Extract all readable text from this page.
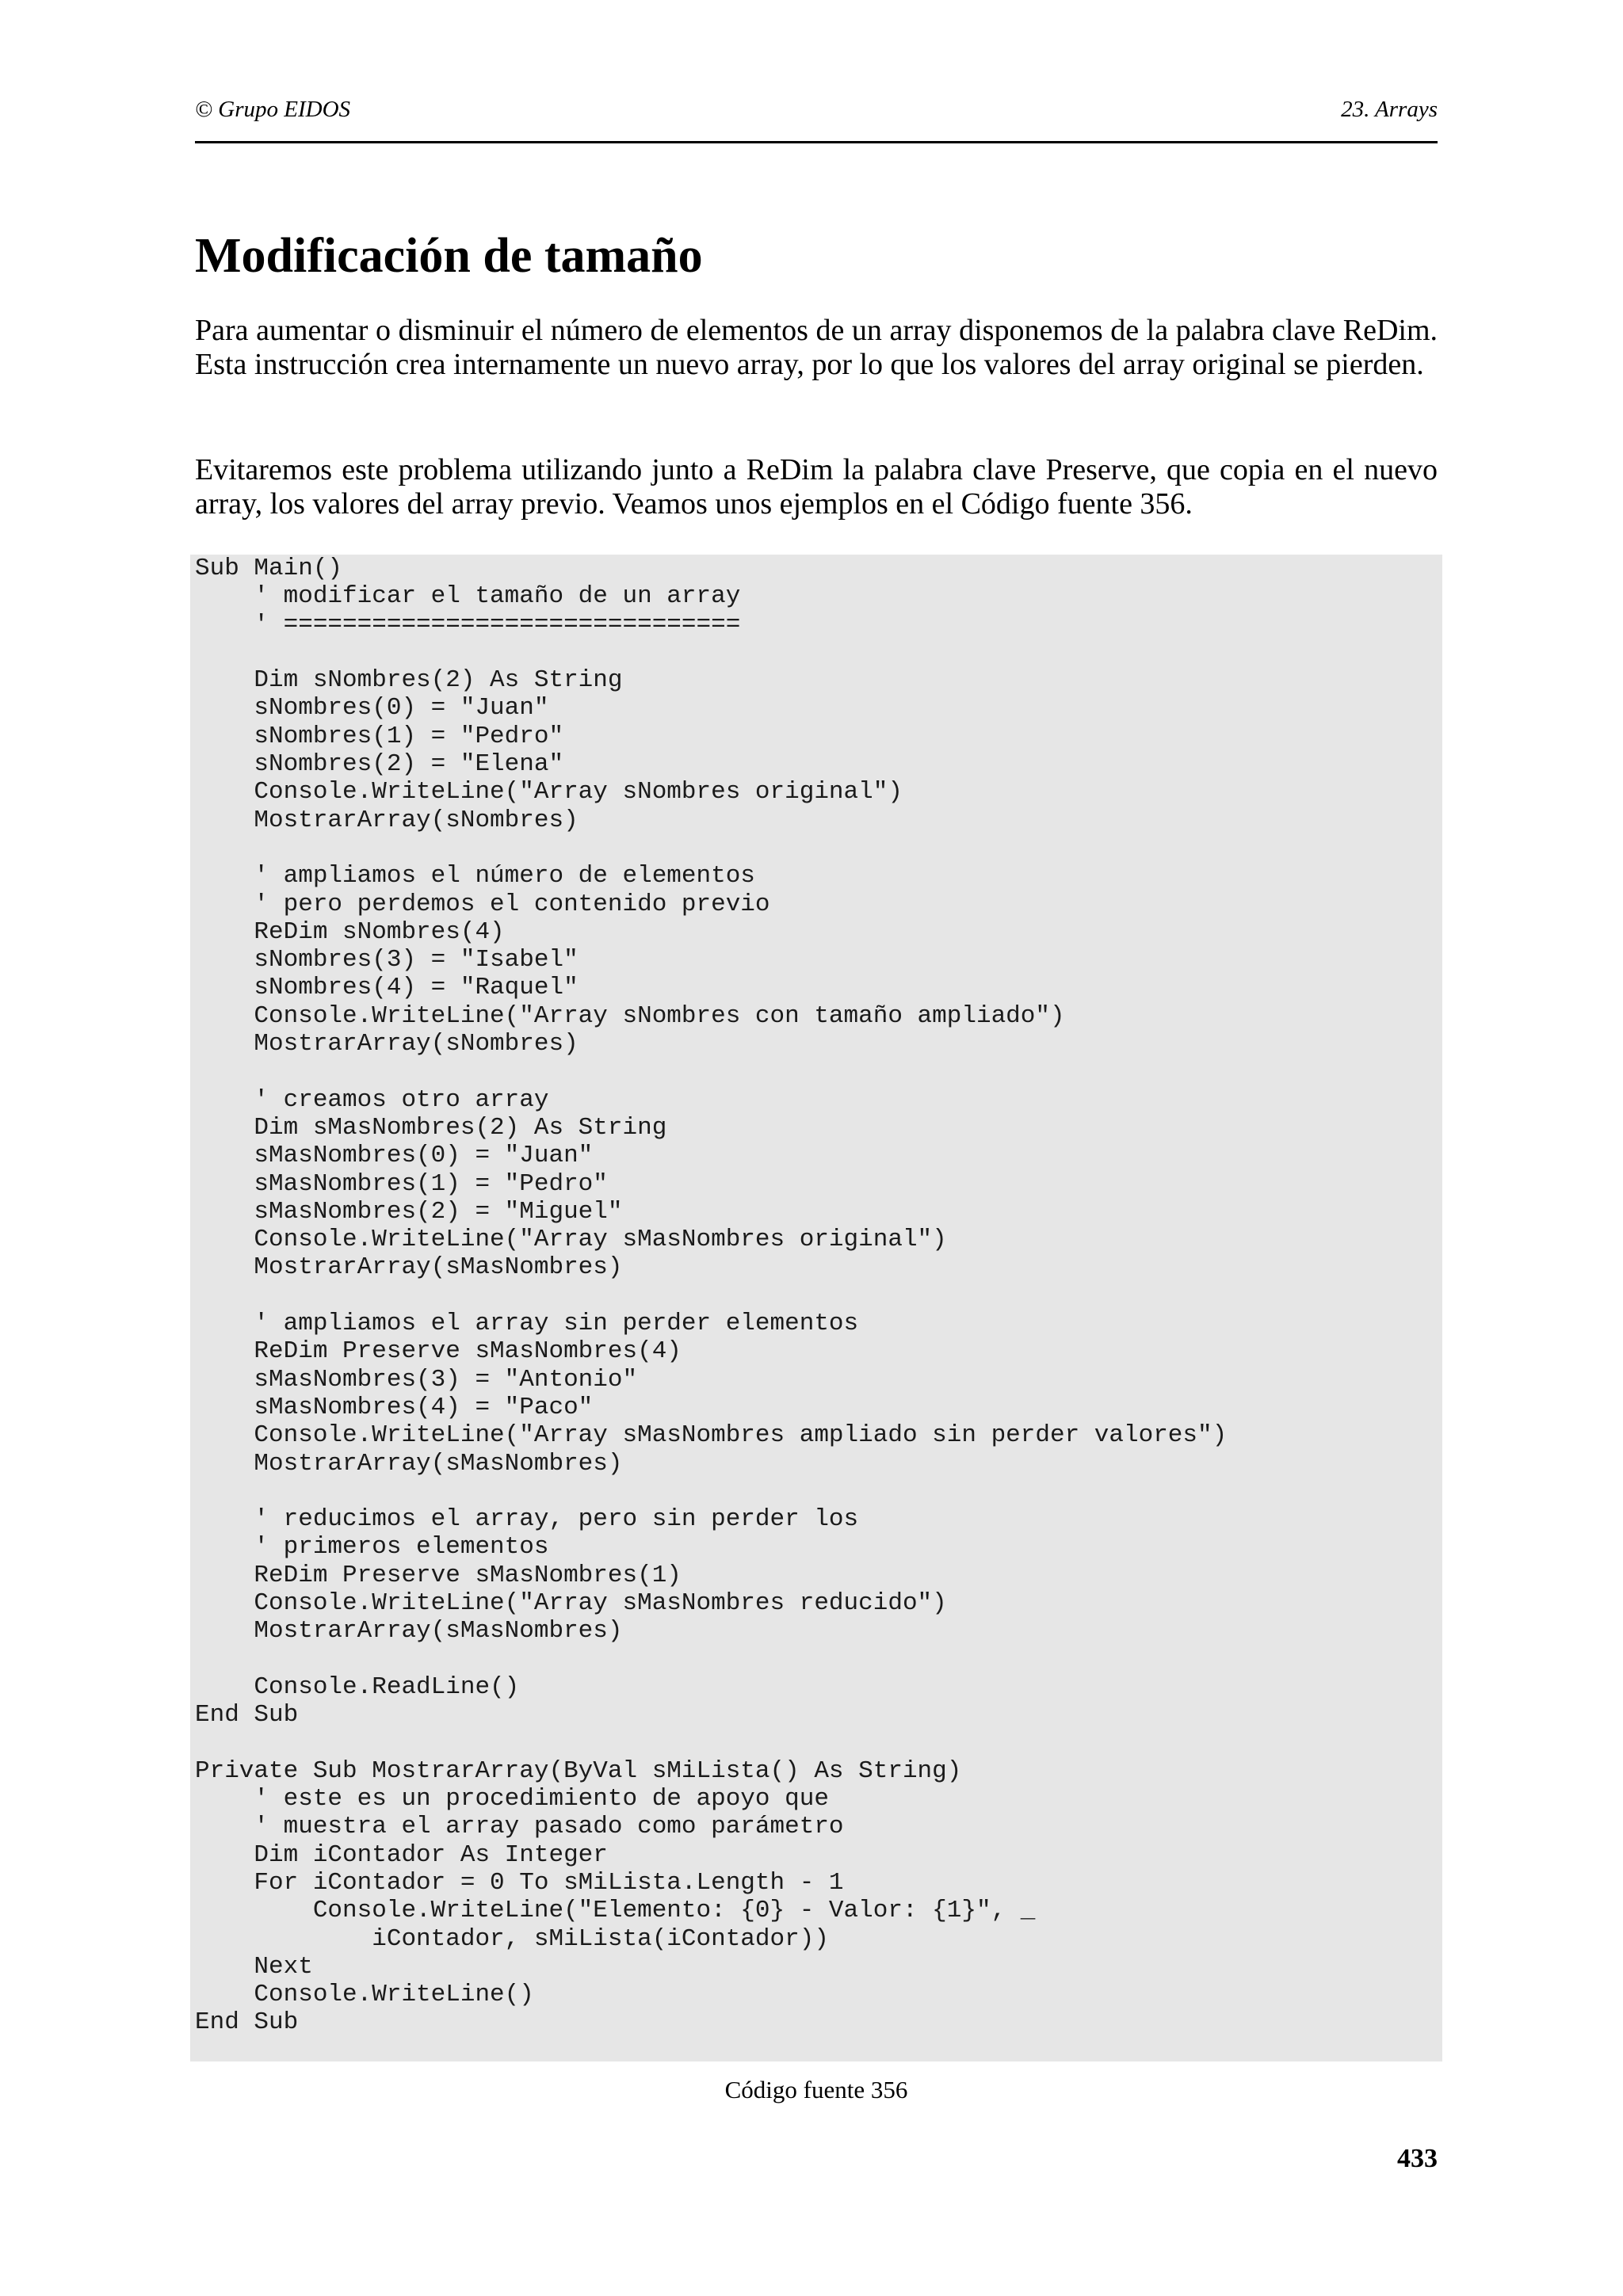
© Grupo EIDOS	23. Arrays
Modificación de tamaño

Para aumentar o disminuir el número de elementos de un array disponemos de la palabra clave ReDim. Esta instrucción crea internamente un nuevo array, por lo que los valores del array original se pierden.

Evitaremos este problema utilizando junto a ReDim la palabra clave Preserve, que copia en el nuevo array, los valores del array previo. Veamos unos ejemplos en el Código fuente 356.

Sub Main()
' modificar el tamaño de un array
' ===============================

Dim sNombres(2) As String
sNombres(0) = "Juan"
sNombres(1) = "Pedro"
sNombres(2) = "Elena"
Console.WriteLine("Array sNombres original")
MostrarArray(sNombres)

' ampliamos el número de elementos
' pero perdemos el contenido previo
ReDim sNombres(4)
sNombres(3) = "Isabel"
sNombres(4) = "Raquel"
Console.WriteLine("Array sNombres con tamaño ampliado")
MostrarArray(sNombres)

' creamos otro array
Dim sMasNombres(2) As String
sMasNombres(0) = "Juan"
sMasNombres(1) = "Pedro"
sMasNombres(2) = "Miguel"
Console.WriteLine("Array sMasNombres original")
MostrarArray(sMasNombres)

' ampliamos el array sin perder elementos
ReDim Preserve sMasNombres(4)
sMasNombres(3) = "Antonio"
sMasNombres(4) = "Paco"
Console.WriteLine("Array sMasNombres ampliado sin perder valores")
MostrarArray(sMasNombres)

' reducimos el array, pero sin perder los
' primeros elementos
ReDim Preserve sMasNombres(1)
Console.WriteLine("Array sMasNombres reducido")
MostrarArray(sMasNombres)

Console.ReadLine()
End Sub

Private Sub MostrarArray(ByVal sMiLista() As String)
' este es un procedimiento de apoyo que
' muestra el array pasado como parámetro
Dim iContador As Integer
For iContador = 0 To sMiLista.Length - 1
Console.WriteLine("Elemento: {0} - Valor: {1}", _
iContador, sMiLista(iContador))
Next
Console.WriteLine()
End Sub
Código fuente 356
433
